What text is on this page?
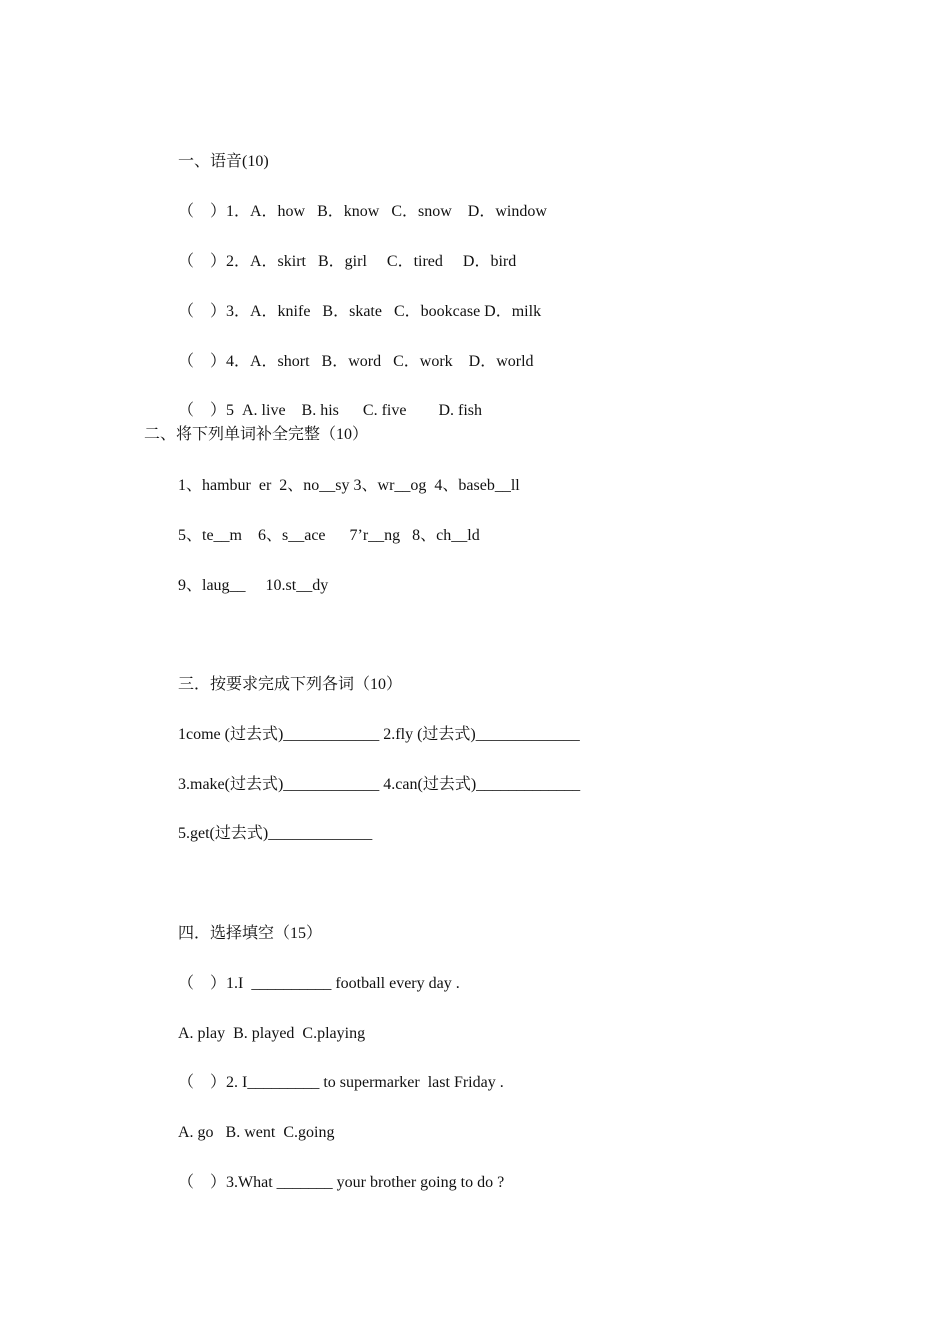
一、语音(10)
（    ）1．A．how   B．know   C．snow    D．window
（    ）2．A．skirt   B．girl     C．tired     D．bird
（    ）3．A．knife   B．skate   C．bookcase D．milk
（    ）4．A．short   B．word   C．work    D．world
（    ）5  A. live    B. his      C. five        D. fish
二、将下列单词补全完整（10）
1、hambur  er  2、no__sy 3、wr__og  4、baseb__ll
5、te__m    6、s__ace      7’r__ng   8、ch__ld
9、laug__     10.st__dy
三．按要求完成下列各词（10）
1come (过去式)____________ 2.fly (过去式)_____________
3.make(过去式)____________ 4.can(过去式)_____________
5.get(过去式)_____________
四．选择填空（15）
（    ）1.I  __________ football every day .
A. play  B. played  C.playing
（    ）2. I_________ to supermarker  last Friday .
A. go   B. went  C.going
（    ）3.What _______ your brother going to do ?
